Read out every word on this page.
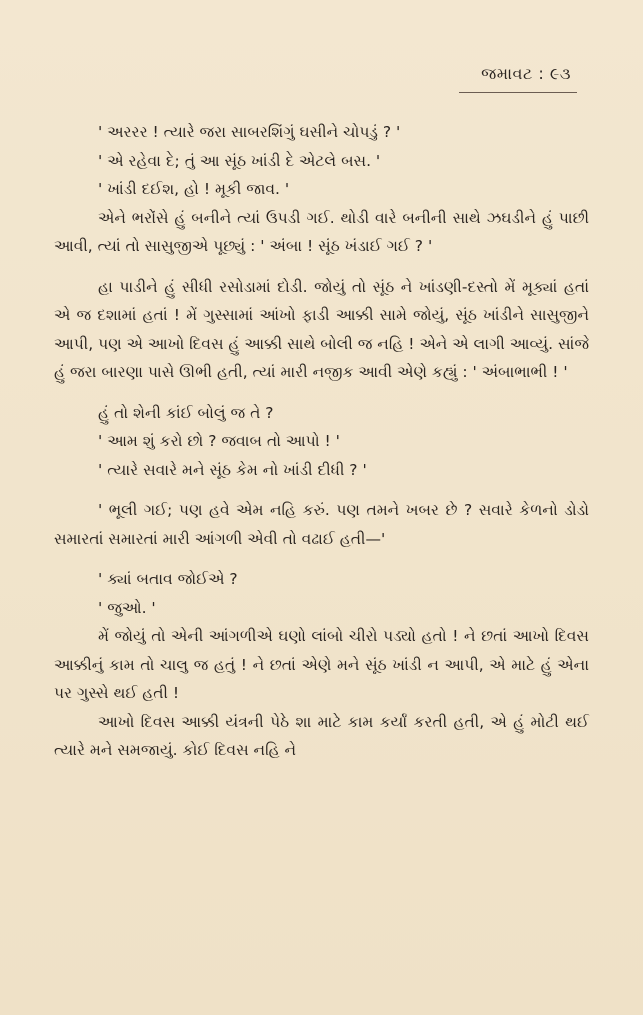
જમાવટ : ૯૩

' અરરર ! ત્યારે જરા સાબરશિંગું ઘસીને ચોપડું ? '

' એ રહેવા દે; તું આ સૂંઠ ખાંડી દે એટલે બસ. '

' ખાંડી દઈશ, હો ! મૂકી જાવ. '

એને ભરોંસે હું બનીને ત્યાં ઉપડી ગઈ. થોડી વારે બનીની સાથે ઝઘડીને હું પાછી આવી, ત્યાં તો સાસુજીએ પૂછ્યું : ' અંબા ! સૂંઠ ખંડાઈ ગઈ ? '

હા પાડીને હું સીધી રસોડામાં દોડી. જોયું તો સૂંઠ ને ખાંડણી-દસ્તો મેં મૂક્યાં હતાં એ જ દશામાં હતાં ! મેં ગુસ્સામાં આંખો ફાડી આક્કી સામે જોયું, સૂંઠ ખાંડીને સાસુજીને આપી, પણ એ આખો દિવસ હું આક્કી સાથે બોલી જ નહિ ! એને એ લાગી આવ્યું. સાંજે હું જરા બારણા પાસે ઊભી હતી, ત્યાં મારી નજીક આવી એણે કહ્યું : ' અંબાભાભી ! '

હું તો શેની કાંઈ બોલું જ તે ?

' આમ શું કરો છો ? જવાબ તો આપો ! '

' ત્યારે સવારે મને સૂંઠ કેમ નો ખાંડી દીધી ? '

' ભૂલી ગઈ; પણ હવે એમ નહિ કરું. પણ તમને ખબર છે ? સવારે કેળનો ડોડો સમારતાં સમારતાં મારી આંગળી એવી તો વઢાઈ હતી—'

' ક્યાં બતાવ જોઈએ ?

' જુઓ. '

મેં જોયું તો એની આંગળીએ ઘણો લાંબો ચીરો પડ્યો હતો ! ને છતાં આખો દિવસ આક્કીનું કામ તો ચાલુ જ હતું ! ને છતાં એણે મને સૂંઠ ખાંડી ન આપી, એ માટે હું એના પર ગુસ્સે થઈ હતી !

આખો દિવસ આક્કી યંત્રની પેઠે શા માટે કામ કર્યાં કરતી હતી, એ હું મોટી થઈ ત્યારે મને સમજાયું. કોઈ દિવસ નહિ ને
